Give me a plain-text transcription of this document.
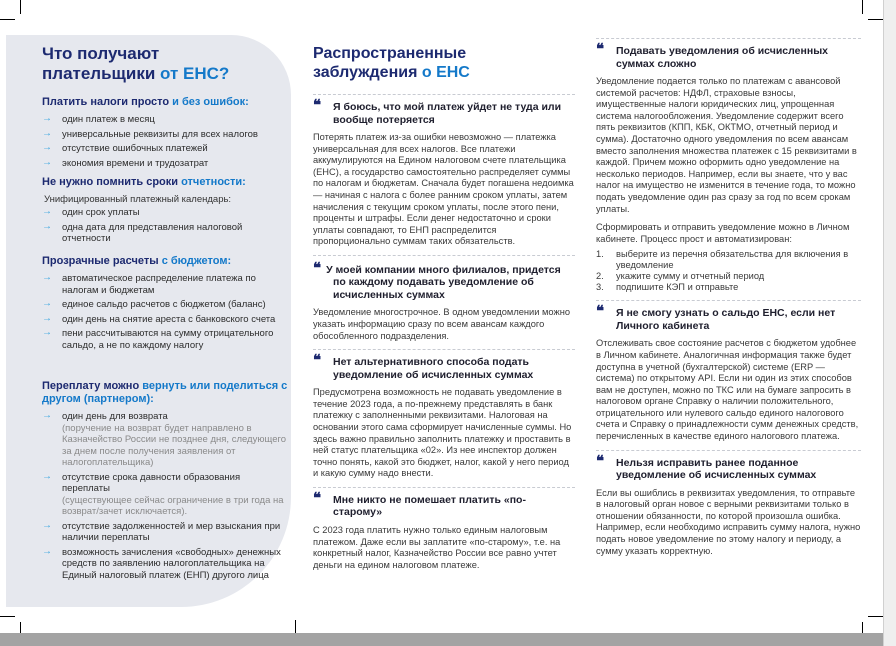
Что получают
плательщики от ЕНС?
Платить налоги просто и без ошибок:
→ один платеж в месяц
→ универсальные реквизиты для всех налогов
→ отсутствие ошибочных платежей
→ экономия времени и трудозатрат
Не нужно помнить сроки отчетности:
Унифицированный платежный календарь:
→ один срок уплаты
→ одна дата для представления налоговой отчетности
Прозрачные расчеты с бюджетом:
→ автоматическое распределение платежа по налогам и бюджетам
→ единое сальдо расчетов с бюджетом (баланс)
→ один день на снятие ареста с банковского счета
→ пени рассчитываются на сумму отрицательного сальдо, а не по каждому налогу
Переплату можно вернуть или поделиться с другом (партнером):
→ один день для возврата
(поручение на возврат будет направлено в Казначейство России не позднее дня, следующего за днем после получения заявления от налогоплательщика)
→ отсутствие срока давности образования переплаты
(существующее сейчас ограничение в три года на возврат/зачет исключается).
→ отсутствие задолженностей и мер взыскания при наличии переплаты
→ возможность зачисления «свободных» денежных средств по заявлению налогоплательщика на Единый налоговый платеж (ЕНП) другого лица
Распространенные
заблуждения о ЕНС
❝ Я боюсь, что мой платеж уйдет не туда или вообще потеряется
Потерять платеж из-за ошибки невозможно — платежка универсальная для всех налогов. Все платежи аккумулируются на Едином налоговом счете плательщика (ЕНС), а государство самостоятельно распределяет суммы по налогам и бюджетам. Сначала будет погашена недоимка — начиная с налога с более ранним сроком уплаты, затем начисления с текущим сроком уплаты, после этого пени, проценты и штрафы. Если денег недостаточно и сроки уплаты совпадают, то ЕНП распределится пропорционально суммам таких обязательств.
❝ У моей компании много филиалов, придется по каждому подавать уведомление об исчисленных суммах
Уведомление многострочное. В одном уведомлении можно указать информацию сразу по всем авансам каждого обособленного подразделения.
❝ Нет альтернативного способа подать уведомление об исчисленных суммах
Предусмотрена возможность не подавать уведомление в течение 2023 года, а по-прежнему представлять в банк платежку с заполненными реквизитами. Налоговая на основании этого сама сформирует начисленные суммы. Но здесь важно правильно заполнить платежку и проставить в ней статус плательщика «02». Из нее инспектор должен точно понять, какой это бюджет, налог, какой у него период и какую сумму надо внести.
❝ Мне никто не помешает платить «по-старому»
С 2023 года платить нужно только единым налоговым платежом. Даже если вы заплатите «по-старому», т.е. на конкретный налог, Казначейство России все равно учтет деньги на едином налоговом платеже.
❝ Подавать уведомления об исчисленных суммах сложно

Уведомление подается только по платежам с авансовой системой расчетов: НДФЛ, страховые взносы, имущественные налоги юридических лиц, упрощенная система налогообложения. Уведомление содержит всего пять реквизитов (КПП, КБК, ОКТМО, отчетный период и сумма). Достаточно одного уведомления по всем авансам вместо заполнения множества платежек с 15 реквизитами в каждой. Причем можно оформить одно уведомление на несколько периодов. Например, если вы знаете, что у вас налог на имущество не изменится в течение года, то можно подать уведомление один раз сразу за год по всем срокам уплаты.

Сформировать и отправить уведомление можно в Личном кабинете. Процесс прост и автоматизирован:

1. выберите из перечня обязательства для включения в уведомление
2. укажите сумму и отчетный период
3. подпишите КЭП и отправьте
❝ Я не смогу узнать о сальдо ЕНС, если нет Личного кабинета
Отслеживать свое состояние расчетов с бюджетом удобнее в Личном кабинете. Аналогичная информация также будет доступна в учетной (бухгалтерской) системе (ERP — система) по открытому API. Если ни один из этих способов вам не доступен, можно по ТКС или на бумаге запросить в налоговом органе Справку о наличии положительного, отрицательного или нулевого сальдо единого налогового счета и Справку о принадлежности сумм денежных средств, перечисленных в качестве единого налогового платежа.
❝ Нельзя исправить ранее поданное уведомление об исчисленных суммах
Если вы ошиблись в реквизитах уведомления, то отправьте в налоговый орган новое с верными реквизитами только в отношении обязанности, по которой произошла ошибка. Например, если необходимо исправить сумму налога, нужно подать новое уведомление по этому налогу и периоду, а сумму указать корректную.
